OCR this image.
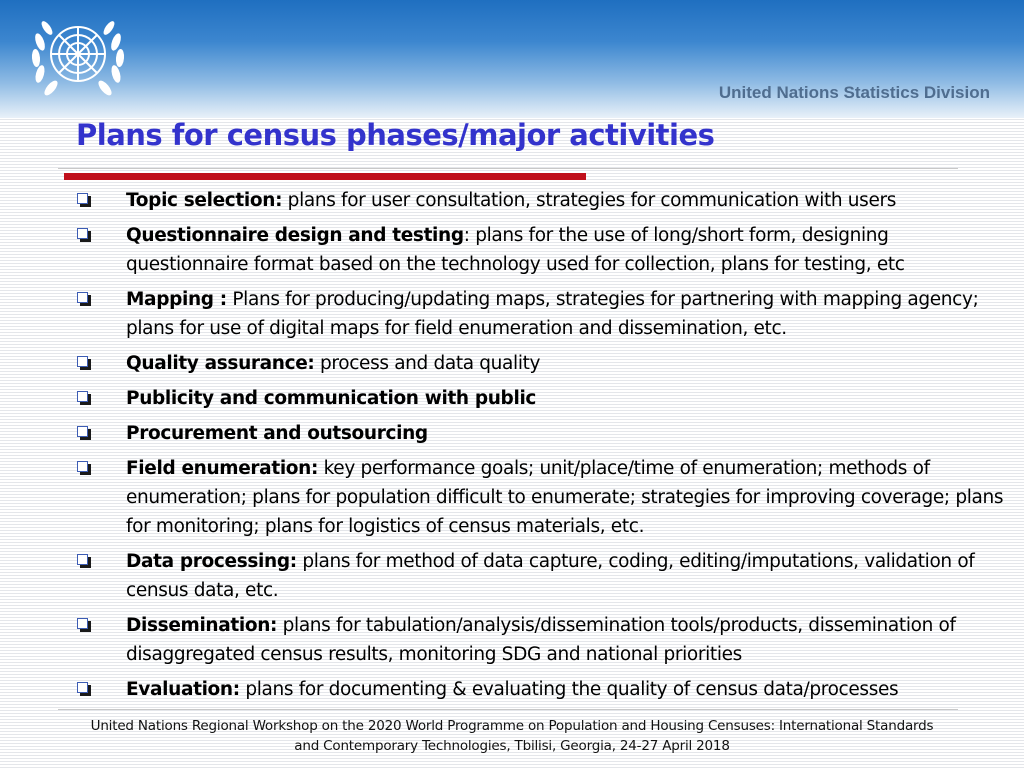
United Nations Statistics Division
Plans for census phases/major activities
Topic selection: plans for user consultation, strategies for communication with users
Questionnaire design and testing: plans for the use of long/short form, designing questionnaire format based on the technology used for collection, plans for testing, etc
Mapping : Plans for producing/updating maps, strategies for partnering with mapping agency; plans for use of digital maps for field enumeration and dissemination, etc.
Quality assurance: process and data quality
Publicity and communication with public
Procurement and outsourcing
Field enumeration: key performance goals; unit/place/time of enumeration; methods of enumeration; plans for population difficult to enumerate; strategies for improving coverage; plans for monitoring; plans for logistics of census materials, etc.
Data processing: plans for method of data capture, coding, editing/imputations, validation of census data, etc.
Dissemination: plans for tabulation/analysis/dissemination tools/products, dissemination of disaggregated census results, monitoring SDG and national priorities
Evaluation: plans for documenting & evaluating the quality of census data/processes
United Nations Regional Workshop on the 2020 World Programme on Population and Housing Censuses: International Standards
and Contemporary Technologies, Tbilisi, Georgia, 24-27 April 2018
